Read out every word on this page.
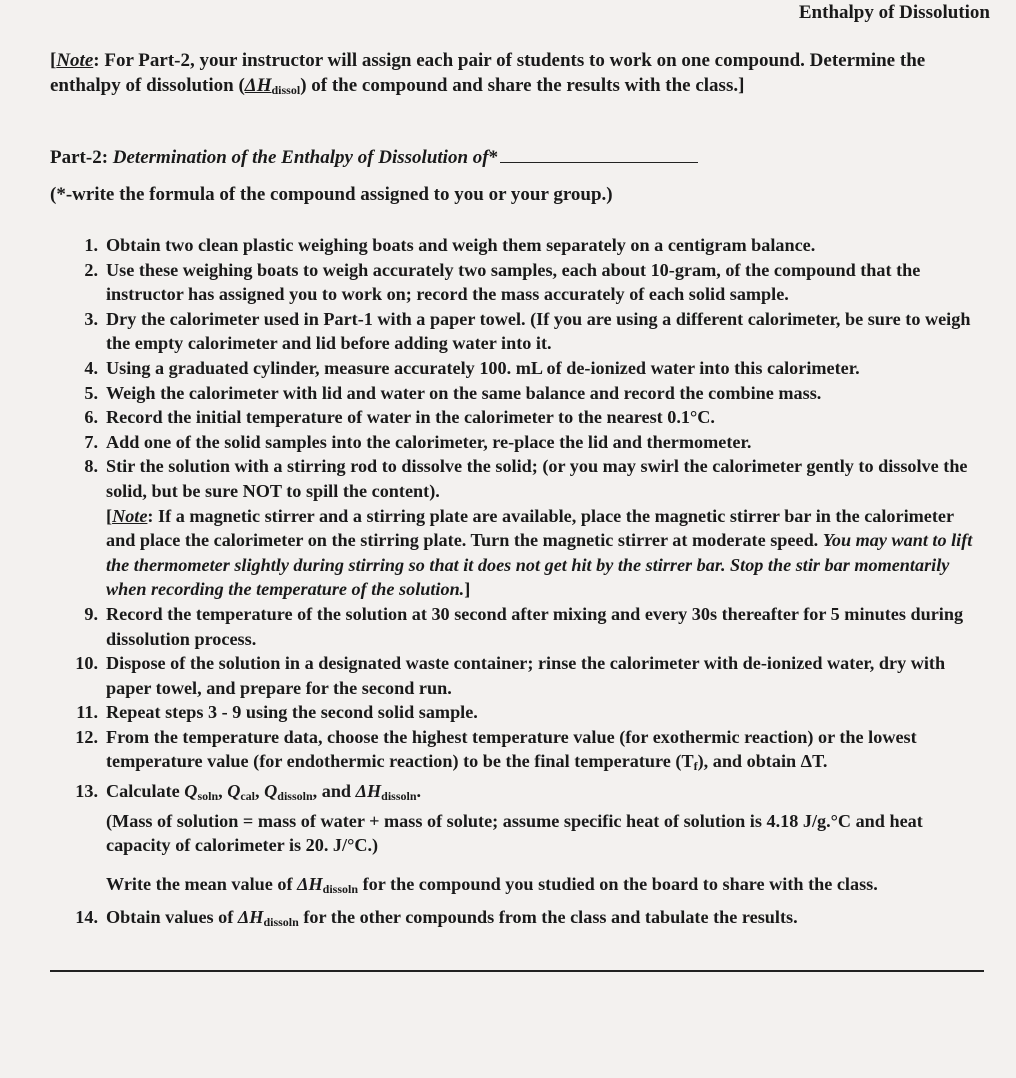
Enthalpy of Dissolution
[Note: For Part-2, your instructor will assign each pair of students to work on one compound. Determine the enthalpy of dissolution $(\Delta H_{dissol})$ of the compound and share the results with the class.]
Part-2: Determination of the Enthalpy of Dissolution of*
(*-write the formula of the compound assigned to you or your group.)
1. Obtain two clean plastic weighing boats and weigh them separately on a centigram balance.
2. Use these weighing boats to weigh accurately two samples, each about 10-gram, of the compound that the instructor has assigned you to work on; record the mass accurately of each solid sample.
3. Dry the calorimeter used in Part-1 with a paper towel. (If you are using a different calorimeter, be sure to weigh the empty calorimeter and lid before adding water into it.
4. Using a graduated cylinder, measure accurately 100. mL of de-ionized water into this calorimeter.
5. Weigh the calorimeter with lid and water on the same balance and record the combine mass.
6. Record the initial temperature of water in the calorimeter to the nearest 0.1°C.
7. Add one of the solid samples into the calorimeter, re-place the lid and thermometer.
8. Stir the solution with a stirring rod to dissolve the solid; (or you may swirl the calorimeter gently to dissolve the solid, but be sure NOT to spill the content).
[Note: If a magnetic stirrer and a stirring plate are available, place the magnetic stirrer bar in the calorimeter and place the calorimeter on the stirring plate. Turn the magnetic stirrer at moderate speed. You may want to lift the thermometer slightly during stirring so that it does not get hit by the stirrer bar. Stop the stir bar momentarily when recording the temperature of the solution.]
9. Record the temperature of the solution at 30 second after mixing and every 30s thereafter for 5 minutes during dissolution process.
10. Dispose of the solution in a designated waste container; rinse the calorimeter with de-ionized water, dry with paper towel, and prepare for the second run.
11. Repeat steps 3 - 9 using the second solid sample.
12. From the temperature data, choose the highest temperature value (for exothermic reaction) or the lowest temperature value (for endothermic reaction) to be the final temperature $(T_f)$, and obtain ΔT.
13. Calculate $Q_{soln}$, $Q_{cal}$, $Q_{dissoln}$, and $\Delta H_{dissoln}$.
(Mass of solution = mass of water + mass of solute; assume specific heat of solution is 4.18 J/g.°C and heat capacity of calorimeter is 20. J/°C.)
Write the mean value of $\Delta H_{dissoln}$ for the compound you studied on the board to share with the class.
14. Obtain values of $\Delta H_{dissoln}$ for the other compounds from the class and tabulate the results.
